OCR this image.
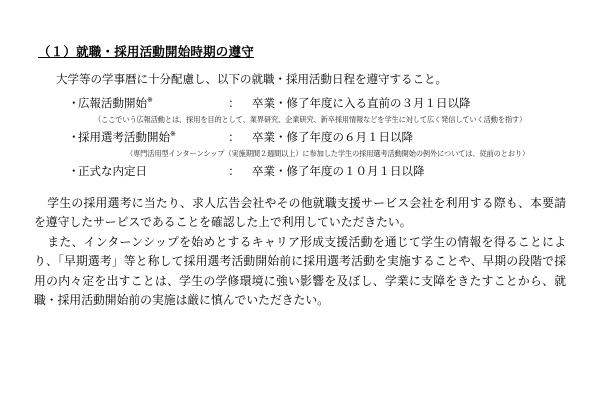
（１）就職・採用活動開始時期の遵守

大学等の学事暦に十分配慮し、以下の就職・採用活動日程を遵守すること。

・
広報活動開始※	：	卒業・修了年度に入る直前の３月１日以降
（ここでいう広報活動とは、採用を目的として、業界研究、企業研究、新卒採用情報などを学生に対して広く発信していく活動を指す）
・
採用選考活動開始※	：	卒業・修了年度の６月１日以降
（専門活用型インターンシップ（実施期間２週間以上）に参加した学生の採用選考活動開始の例外については、従前のとおり）
・
正式な内定日	：	卒業・修了年度の１０月１日以降

学生の採用選考に当たり、求人広告会社やその他就職支援サービス会社を利用する際も、本要請を遵守したサービスであることを確認した上で利用していただきたい。

また、インターンシップを始めとするキャリア形成支援活動を通じて学生の情報を得ることにより、「早期選考」等と称して採用選考活動開始前に採用選考活動を実施することや、早期の段階で採用の内々定を出すことは、学生の学修環境に強い影響を及ぼし、学業に支障をきたすことから、就職・採用活動開始前の実施は厳に慎んでいただきたい。
